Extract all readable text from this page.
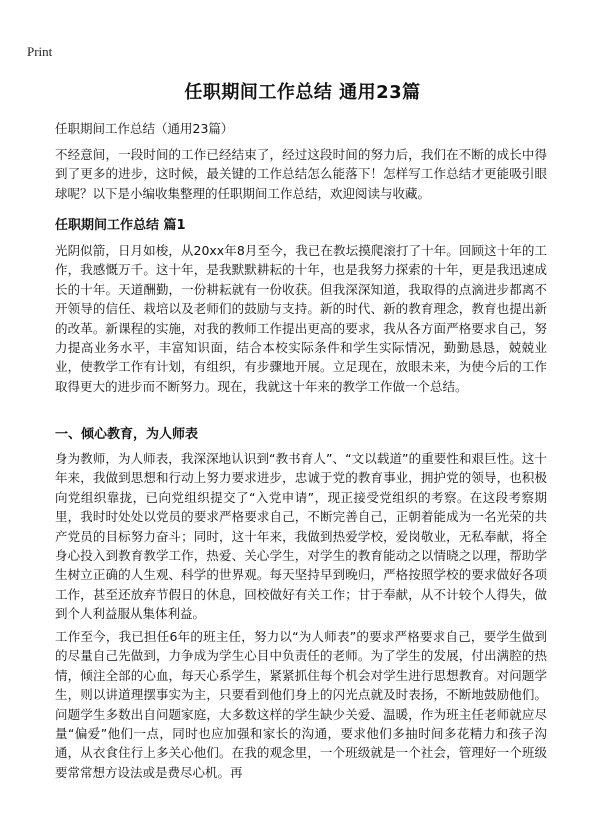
Print
任职期间工作总结 通用23篇
任职期间工作总结（通用23篇）

不经意间，一段时间的工作已经结束了，经过这段时间的努力后，我们在不断的成长中得到了更多的进步，这时候，最关键的工作总结怎么能落下！怎样写工作总结才更能吸引眼球呢？以下是小编收集整理的任职期间工作总结，欢迎阅读与收藏。

任职期间工作总结 篇1

光阴似箭，日月如梭，从20xx年8月至今，我已在教坛摸爬滚打了十年。回顾这十年的工作，我感慨万千。这十年，是我默默耕耘的十年，也是我努力探索的十年，更是我迅速成长的十年。天道酬勤，一份耕耘就有一份收获。但我深深知道，我取得的点滴进步都离不开领导的信任、栽培以及老师们的鼓励与支持。新的时代、新的教育理念，教育也提出新的改革。新课程的实施，对我的教师工作提出更高的要求，我从各方面严格要求自己，努力提高业务水平，丰富知识面，结合本校实际条件和学生实际情况，勤勤恳恳，兢兢业业，使教学工作有计划，有组织，有步骤地开展。立足现在，放眼未来，为使今后的工作取得更大的进步而不断努力。现在，我就这十年来的教学工作做一个总结。

一、倾心教育，为人师表

身为教师，为人师表，我深深地认识到“教书育人”、“文以载道”的重要性和艰巨性。这十年来，我做到思想和行动上努力要求进步，忠诚于党的教育事业，拥护党的领导，也积极向党组织靠拢，已向党组织提交了“入党申请”，现正接受党组织的考察。在这段考察期里，我时时处处以党员的要求严格要求自己，不断完善自己，正朝着能成为一名光荣的共产党员的目标努力奋斗；同时，这十年来，我做到热爱学校，爱岗敬业，无私奉献，将全身心投入到教育教学工作，热爱、关心学生，对学生的教育能动之以情晓之以理，帮助学生树立正确的人生观、科学的世界观。每天坚持早到晚归，严格按照学校的要求做好各项工作，甚至还放弃节假日的休息，回校做好有关工作；甘于奉献，从不计较个人得失，做到个人利益服从集体利益。

工作至今，我已担任6年的班主任，努力以“为人师表”的要求严格要求自己，要学生做到的尽量自己先做到，力争成为学生心目中负责任的老师。为了学生的发展，付出满腔的热情，倾注全部的心血，每天心系学生，紧紧抓住每个机会对学生进行思想教育。对问题学生，则以讲道理摆事实为主，只要看到他们身上的闪光点就及时表扬，不断地鼓励他们。问题学生多数出自问题家庭，大多数这样的学生缺少关爱、温暖，作为班主任老师就应尽量“偏爱”他们一点，同时也应加强和家长的沟通，要求他们多抽时间多花精力和孩子沟通，从衣食住行上多关心他们。在我的观念里，一个班级就是一个社会，管理好一个班级要常常想方设法或是费尽心机。再
